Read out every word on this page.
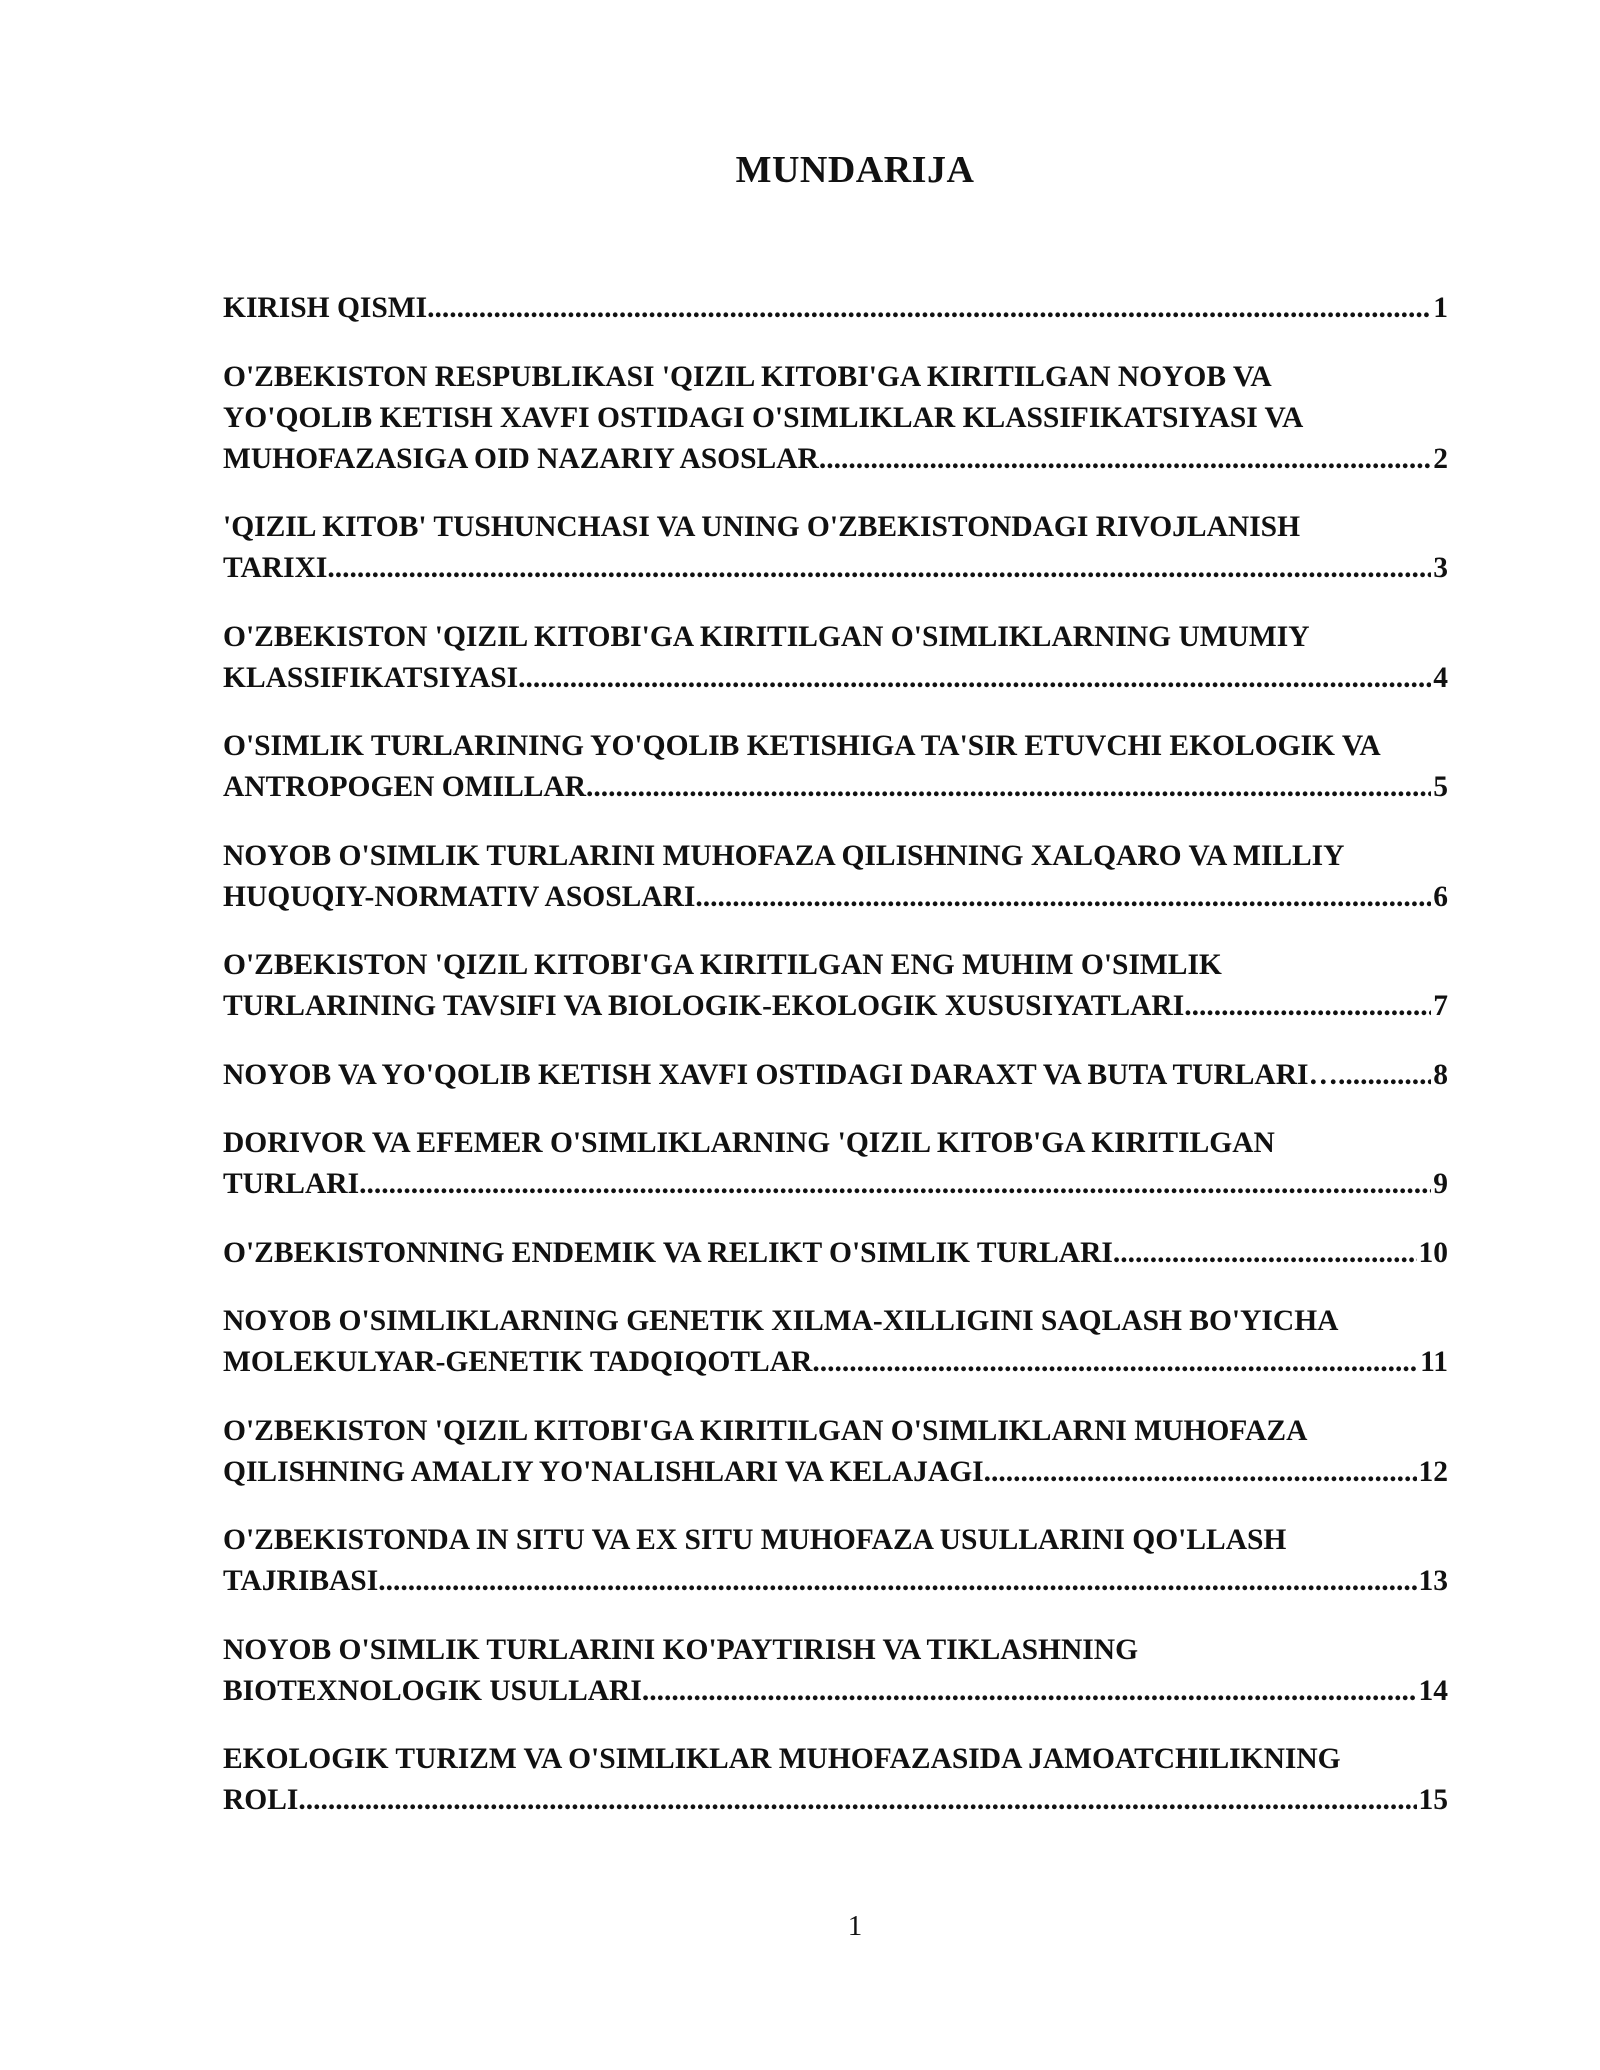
MUNDARIJA
KIRISH QISMI .....	1
O'ZBEKISTON RESPUBLIKASI 'QIZIL KITOBI'GA KIRITILGAN NOYOB VA
YO'QOLIB KETISH XAVFI OSTIDAGI O'SIMLIKLAR KLASSIFIKATSIYASI VA
MUHOFAZASIGA OID NAZARIY ASOSLAR .....	2
'QIZIL KITOB' TUSHUNCHASI VA UNING O'ZBEKISTONDAGI RIVOJLANISH
TARIXI .....	3
O'ZBEKISTON 'QIZIL KITOBI'GA KIRITILGAN O'SIMLIKLARNING UMUMIY
KLASSIFIKATSIYASI .....	4
O'SIMLIK TURLARINING YO'QOLIB KETISHIGA TA'SIR ETUVCHI EKOLOGIK VA
ANTROPOGEN OMILLAR .....	5
NOYOB O'SIMLIK TURLARINI MUHOFAZA QILISHNING XALQARO VA MILLIY
HUQUQIY-NORMATIV ASOSLARI .....	6
O'ZBEKISTON 'QIZIL KITOBI'GA KIRITILGAN ENG MUHIM O'SIMLIK
TURLARINING TAVSIFI VA BIOLOGIK-EKOLOGIK XUSUSIYATLARI .....	7
NOYOB VA YO'QOLIB KETISH XAVFI OSTIDAGI DARAXT VA BUTA TURLARI… .....	8
DORIVOR VA EFEMER O'SIMLIKLARNING 'QIZIL KITOB'GA KIRITILGAN
TURLARI .....	9
O'ZBEKISTONNING ENDEMIK VA RELIKT O'SIMLIK TURLARI .....	10
NOYOB O'SIMLIKLARNING GENETIK XILMA-XILLIGINI SAQLASH BO'YICHA
MOLEKULYAR-GENETIK TADQIQOTLAR .....	11
O'ZBEKISTON 'QIZIL KITOBI'GA KIRITILGAN O'SIMLIKLARNI MUHOFAZA
QILISHNING AMALIY YO'NALISHLARI VA KELAJAGI .....	12
O'ZBEKISTONDA IN SITU VA EX SITU MUHOFAZA USULLARINI QO'LLASH
TAJRIBASI .....	13
NOYOB O'SIMLIK TURLARINI KO'PAYTIRISH VA TIKLASHNING
BIOTEXNOLOGIK USULLARI .....	14
EKOLOGIK TURIZM VA O'SIMLIKLAR MUHOFAZASIDA JAMOATCHILIKNING
ROLI .....	15

1
